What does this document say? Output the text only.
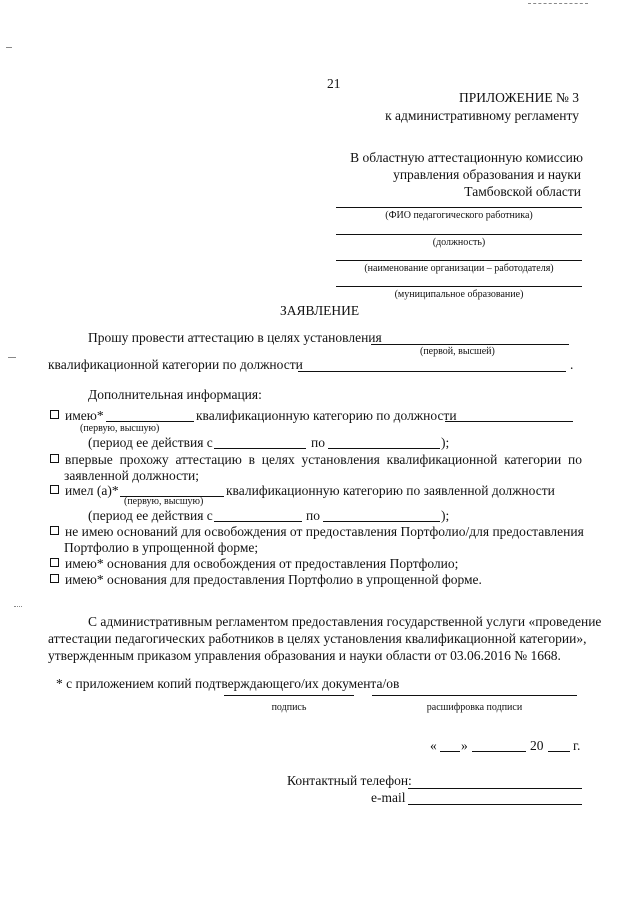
21
ПРИЛОЖЕНИЕ № 3
к административному регламенту
В областную аттестационную комиссию
управления образования и науки
Тамбовской области
(ФИО педагогического работника)
(должность)
(наименование организации – работодателя)
(муниципальное образование)
ЗАЯВЛЕНИЕ
Прошу провести аттестацию в целях установления
(первой, высшей)
квалификационной категории по должности	.
Дополнительная информация:
имею*	квалификационную категорию по должности
(первую, высшую)
(период ее действия с	по	);
впервые прохожу аттестацию в целях установления квалификационной категории по
заявленной должности;
имел (а)*	квалификационную категорию по заявленной должности
(первую, высшую)
(период ее действия с	по	);
не имею оснований для освобождения от предоставления Портфолио/для предоставления
Портфолио в упрощенной форме;
имею* основания для освобождения от предоставления Портфолио;
имею* основания для предоставления Портфолио в упрощенной форме.
С административным регламентом предоставления государственной услуги «проведение
аттестации педагогических работников в целях установления квалификационной категории»,
утвержденным приказом управления образования и науки области от 03.06.2016 № 1668.
* с приложением копий подтверждающего/их документа/ов
подпись	расшифровка подписи
« »	20 г.
Контактный телефон:
e-mail
